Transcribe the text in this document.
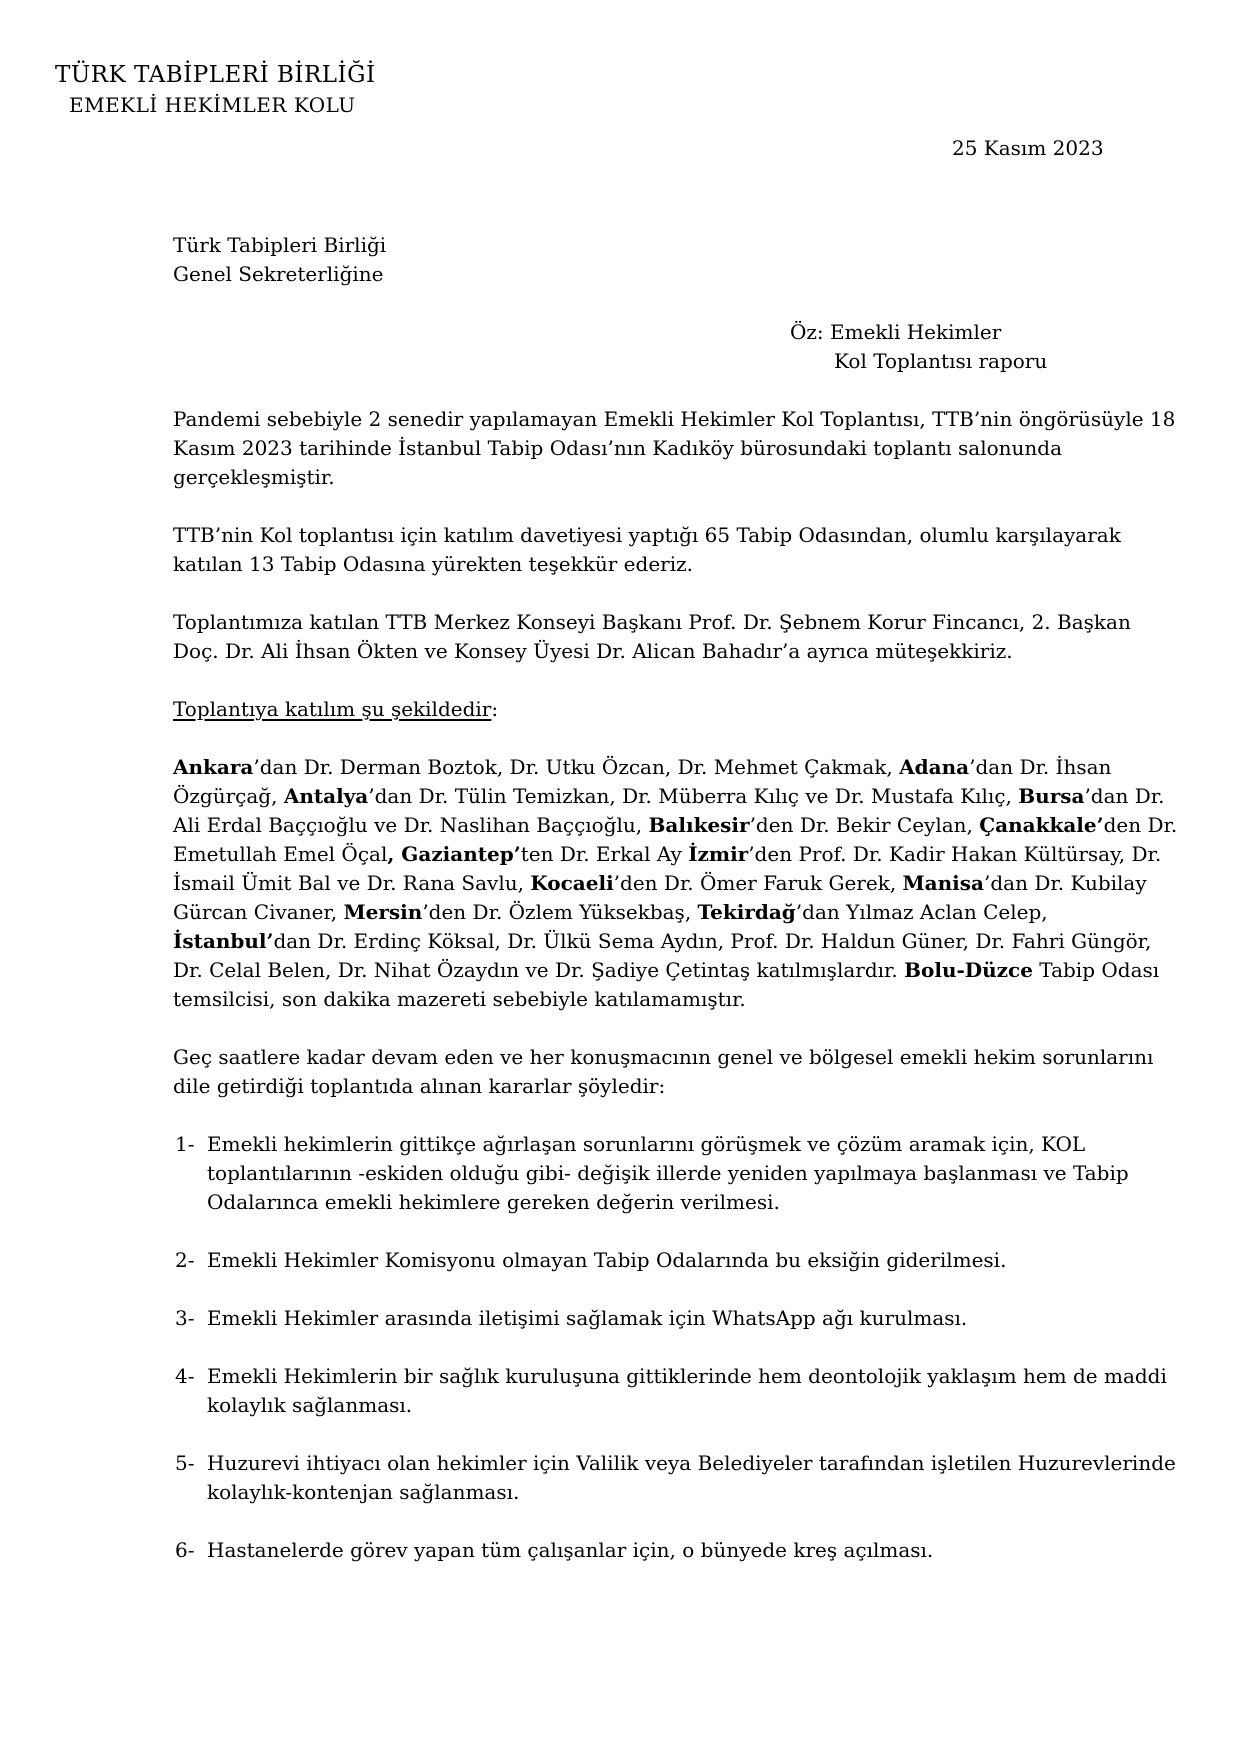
TÜRK TABİPLERİ BİRLİĞİ
EMEKLİ HEKİMLER KOLU
25 Kasım 2023
Türk Tabipleri Birliği
Genel Sekreterliğine
Öz: Emekli Hekimler
Kol Toplantısı raporu

Pandemi sebebiyle 2 senedir yapılamayan Emekli Hekimler Kol Toplantısı, TTB’nin öngörüsüyle 18 Kasım 2023 tarihinde İstanbul Tabip Odası’nın Kadıköy bürosundaki toplantı salonunda gerçekleşmiştir.

TTB’nin Kol toplantısı için katılım davetiyesi yaptığı 65 Tabip Odasından, olumlu karşılayarak katılan 13 Tabip Odasına yürekten teşekkür ederiz.

Toplantımıza katılan TTB Merkez Konseyi Başkanı Prof. Dr. Şebnem Korur Fincancı, 2. Başkan Doç. Dr. Ali İhsan Ökten ve Konsey Üyesi Dr. Alican Bahadır’a ayrıca müteşekkiriz.

Toplantıya katılım şu şekildedir:

Ankara’dan Dr. Derman Boztok, Dr. Utku Özcan, Dr. Mehmet Çakmak, Adana’dan Dr. İhsan Özgürçağ, Antalya’dan Dr. Tülin Temizkan, Dr. Müberra Kılıç ve Dr. Mustafa Kılıç, Bursa’dan Dr. Ali Erdal Baççıoğlu ve Dr. Naslihan Baççıoğlu, Balıkesir’den Dr. Bekir Ceylan, Çanakkale’den Dr. Emetullah Emel Öçal, Gaziantep’ten Dr. Erkal Ay İzmir’den Prof. Dr. Kadir Hakan Kültürsay, Dr. İsmail Ümit Bal ve Dr. Rana Savlu, Kocaeli’den Dr. Ömer Faruk Gerek, Manisa’dan Dr. Kubilay Gürcan Civaner, Mersin’den Dr. Özlem Yüksekbaş, Tekirdağ’dan Yılmaz Aclan Celep, İstanbul’dan Dr. Erdinç Köksal, Dr. Ülkü Sema Aydın, Prof. Dr. Haldun Güner, Dr. Fahri Güngör, Dr. Celal Belen, Dr. Nihat Özaydın ve Dr. Şadiye Çetintaş katılmışlardır. Bolu-Düzce Tabip Odası temsilcisi, son dakika mazereti sebebiyle katılamamıştır.

Geç saatlere kadar devam eden ve her konuşmacının genel ve bölgesel emekli hekim sorunlarını dile getirdiği toplantıda alınan kararlar şöyledir:

1- Emekli hekimlerin gittikçe ağırlaşan sorunlarını görüşmek ve çözüm aramak için, KOL toplantılarının -eskiden olduğu gibi- değişik illerde yeniden yapılmaya başlanması ve Tabip Odalarınca emekli hekimlere gereken değerin verilmesi.
2- Emekli Hekimler Komisyonu olmayan Tabip Odalarında bu eksiğin giderilmesi.
3- Emekli Hekimler arasında iletişimi sağlamak için WhatsApp ağı kurulması.
4- Emekli Hekimlerin bir sağlık kuruluşuna gittiklerinde hem deontolojik yaklaşım hem de maddi kolaylık sağlanması.
5- Huzurevi ihtiyacı olan hekimler için Valilik veya Belediyeler tarafından işletilen Huzurevlerinde kolaylık-kontenjan sağlanması.
6- Hastanelerde görev yapan tüm çalışanlar için, o bünyede kreş açılması.
